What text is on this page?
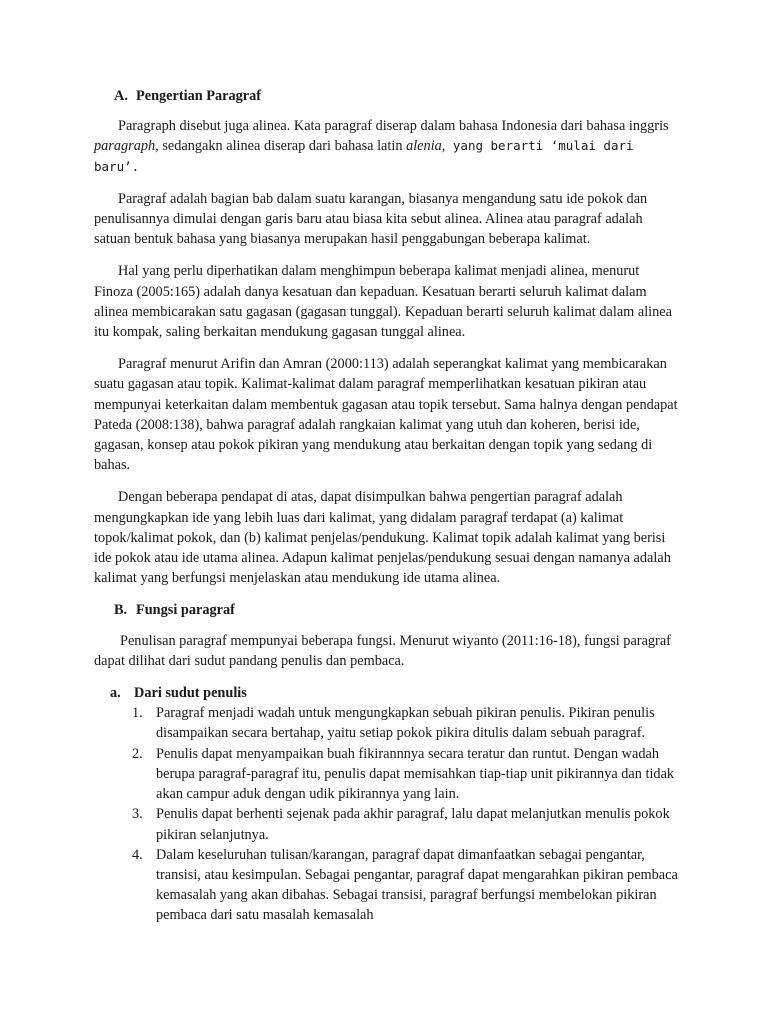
A. Pengertian Paragraf

Paragraph disebut juga alinea. Kata paragraf diserap dalam bahasa Indonesia dari bahasa inggris paragraph, sedangakn alinea diserap dari bahasa latin alenia, yang berarti ‘mulai dari baru’.

Paragraf adalah bagian bab dalam suatu karangan, biasanya mengandung satu ide pokok dan penulisannya dimulai dengan garis baru atau biasa kita sebut alinea. Alinea atau paragraf adalah satuan bentuk bahasa yang biasanya merupakan hasil penggabungan beberapa kalimat.

Hal yang perlu diperhatikan dalam menghimpun beberapa kalimat menjadi alinea, menurut Finoza (2005:165) adalah danya kesatuan dan kepaduan. Kesatuan berarti seluruh kalimat dalam alinea membicarakan satu gagasan (gagasan tunggal). Kepaduan berarti seluruh kalimat dalam alinea itu kompak, saling berkaitan mendukung gagasan tunggal alinea.

Paragraf menurut Arifin dan Amran (2000:113) adalah seperangkat kalimat yang membicarakan suatu gagasan atau topik. Kalimat-kalimat dalam paragraf memperlihatkan kesatuan pikiran atau mempunyai keterkaitan dalam membentuk gagasan atau topik tersebut. Sama halnya dengan pendapat Pateda (2008:138), bahwa paragraf adalah rangkaian kalimat yang utuh dan koheren, berisi ide, gagasan, konsep atau pokok pikiran yang mendukung atau berkaitan dengan topik yang sedang di bahas.

Dengan beberapa pendapat di atas, dapat disimpulkan bahwa pengertian paragraf adalah mengungkapkan ide yang lebih luas dari kalimat, yang didalam paragraf terdapat (a) kalimat topok/kalimat pokok, dan (b) kalimat penjelas/pendukung. Kalimat topik adalah kalimat yang berisi ide pokok atau ide utama alinea. Adapun kalimat penjelas/pendukung sesuai dengan namanya adalah kalimat yang berfungsi menjelaskan atau mendukung ide utama alinea.

B. Fungsi paragraf

Penulisan paragraf mempunyai beberapa fungsi. Menurut wiyanto (2011:16-18), fungsi paragraf dapat dilihat dari sudut pandang penulis dan pembaca.

a. Dari sudut penulis
1. Paragraf menjadi wadah untuk mengungkapkan sebuah pikiran penulis. Pikiran penulis disampaikan secara bertahap, yaitu setiap pokok pikira ditulis dalam sebuah paragraf.
2. Penulis dapat menyampaikan buah fikirannnya secara teratur dan runtut. Dengan wadah berupa paragraf-paragraf itu, penulis dapat memisahkan tiap-tiap unit pikirannya dan tidak akan campur aduk dengan udik pikirannya yang lain.
3. Penulis dapat berhenti sejenak pada akhir paragraf, lalu dapat melanjutkan menulis pokok pikiran selanjutnya.
4. Dalam keseluruhan tulisan/karangan, paragraf dapat dimanfaatkan sebagai pengantar, transisi, atau kesimpulan. Sebagai pengantar, paragraf dapat mengarahkan pikiran pembaca kemasalah yang akan dibahas. Sebagai transisi, paragraf berfungsi membelokan pikiran pembaca dari satu masalah kemasalah
